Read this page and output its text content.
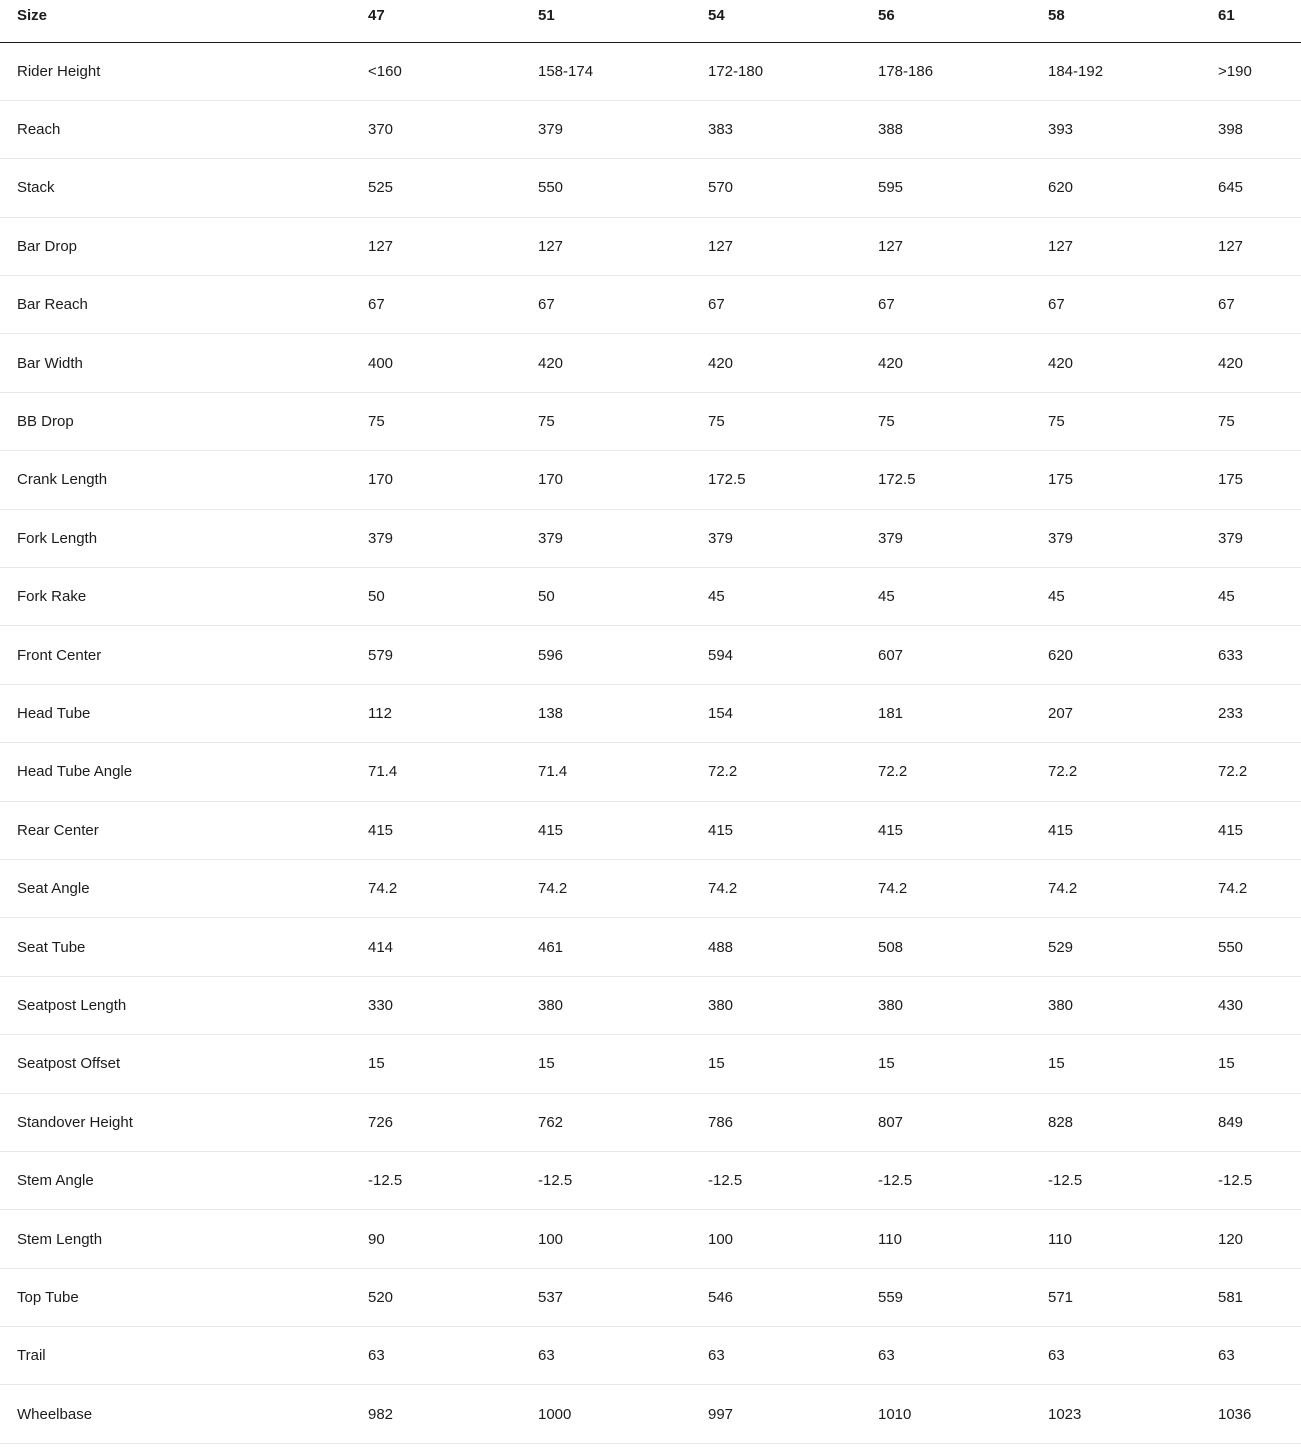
Size	47	51	54	56	58	61
Rider Height	<160	158-174	172-180	178-186	184-192	>190
Reach	370	379	383	388	393	398
Stack	525	550	570	595	620	645
Bar Drop	127	127	127	127	127	127
Bar Reach	67	67	67	67	67	67
Bar Width	400	420	420	420	420	420
BB Drop	75	75	75	75	75	75
Crank Length	170	170	172.5	172.5	175	175
Fork Length	379	379	379	379	379	379
Fork Rake	50	50	45	45	45	45
Front Center	579	596	594	607	620	633
Head Tube	112	138	154	181	207	233
Head Tube Angle	71.4	71.4	72.2	72.2	72.2	72.2
Rear Center	415	415	415	415	415	415
Seat Angle	74.2	74.2	74.2	74.2	74.2	74.2
Seat Tube	414	461	488	508	529	550
Seatpost Length	330	380	380	380	380	430
Seatpost Offset	15	15	15	15	15	15
Standover Height	726	762	786	807	828	849
Stem Angle	-12.5	-12.5	-12.5	-12.5	-12.5	-12.5
Stem Length	90	100	100	110	110	120
Top Tube	520	537	546	559	571	581
Trail	63	63	63	63	63	63
Wheelbase	982	1000	997	1010	1023	1036
